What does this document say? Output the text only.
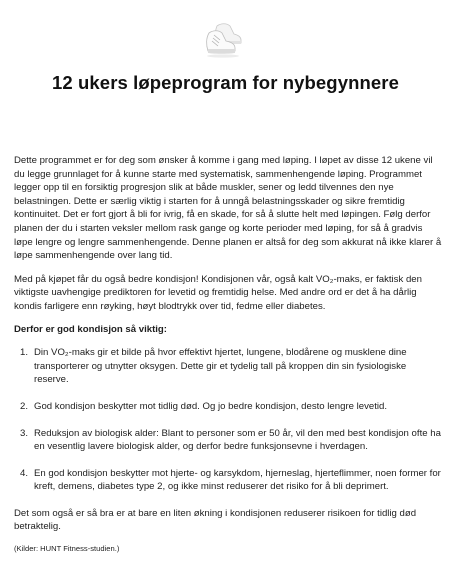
12 ukers løpeprogram for nybegynnere

Dette programmet er for deg som ønsker å komme i gang med løping. I løpet av disse 12 ukene vil du legge grunnlaget for å kunne starte med systematisk, sammenhengende løping. Programmet legger opp til en forsiktig progresjon slik at både muskler, sener og ledd tilvennes den nye belastningen. Dette er særlig viktig i starten for å unngå belastningsskader og sikre fremtidig kontinuitet. Det er fort gjort å bli for ivrig, få en skade, for så å slutte helt med løpingen. Følg derfor planen der du i starten veksler mellom rask gange og korte perioder med løping, for så å gradvis løpe lengre og lengre sammenhengende. Denne planen er altså for deg som akkurat nå ikke klarer å løpe sammenhengende over lang tid.

Med på kjøpet får du også bedre kondisjon! Kondisjonen vår, også kalt VO₂-maks, er faktisk den viktigste uavhengige prediktoren for levetid og fremtidig helse. Med andre ord er det å ha dårlig kondis farligere enn røyking, høyt blodtrykk over tid, fedme eller diabetes.

Derfor er god kondisjon så viktig:

1. Din VO₂-maks gir et bilde på hvor effektivt hjertet, lungene, blodårene og musklene dine transporterer og utnytter oksygen. Dette gir et tydelig tall på kroppen din sin fysiologiske reserve.
2. God kondisjon beskytter mot tidlig død. Og jo bedre kondisjon, desto lengre levetid.
3. Reduksjon av biologisk alder: Blant to personer som er 50 år, vil den med best kondisjon ofte ha en vesentlig lavere biologisk alder, og derfor bedre funksjonsevne i hverdagen.
4. En god kondisjon beskytter mot hjerte- og karsykdom, hjerneslag, hjerteflimmer, noen former for kreft, demens, diabetes type 2, og ikke minst reduserer det risiko for å bli deprimert.

Det som også er så bra er at bare en liten økning i kondisjonen reduserer risikoen for tidlig død betraktelig.

(Kilder: HUNT Fitness-studien.)
